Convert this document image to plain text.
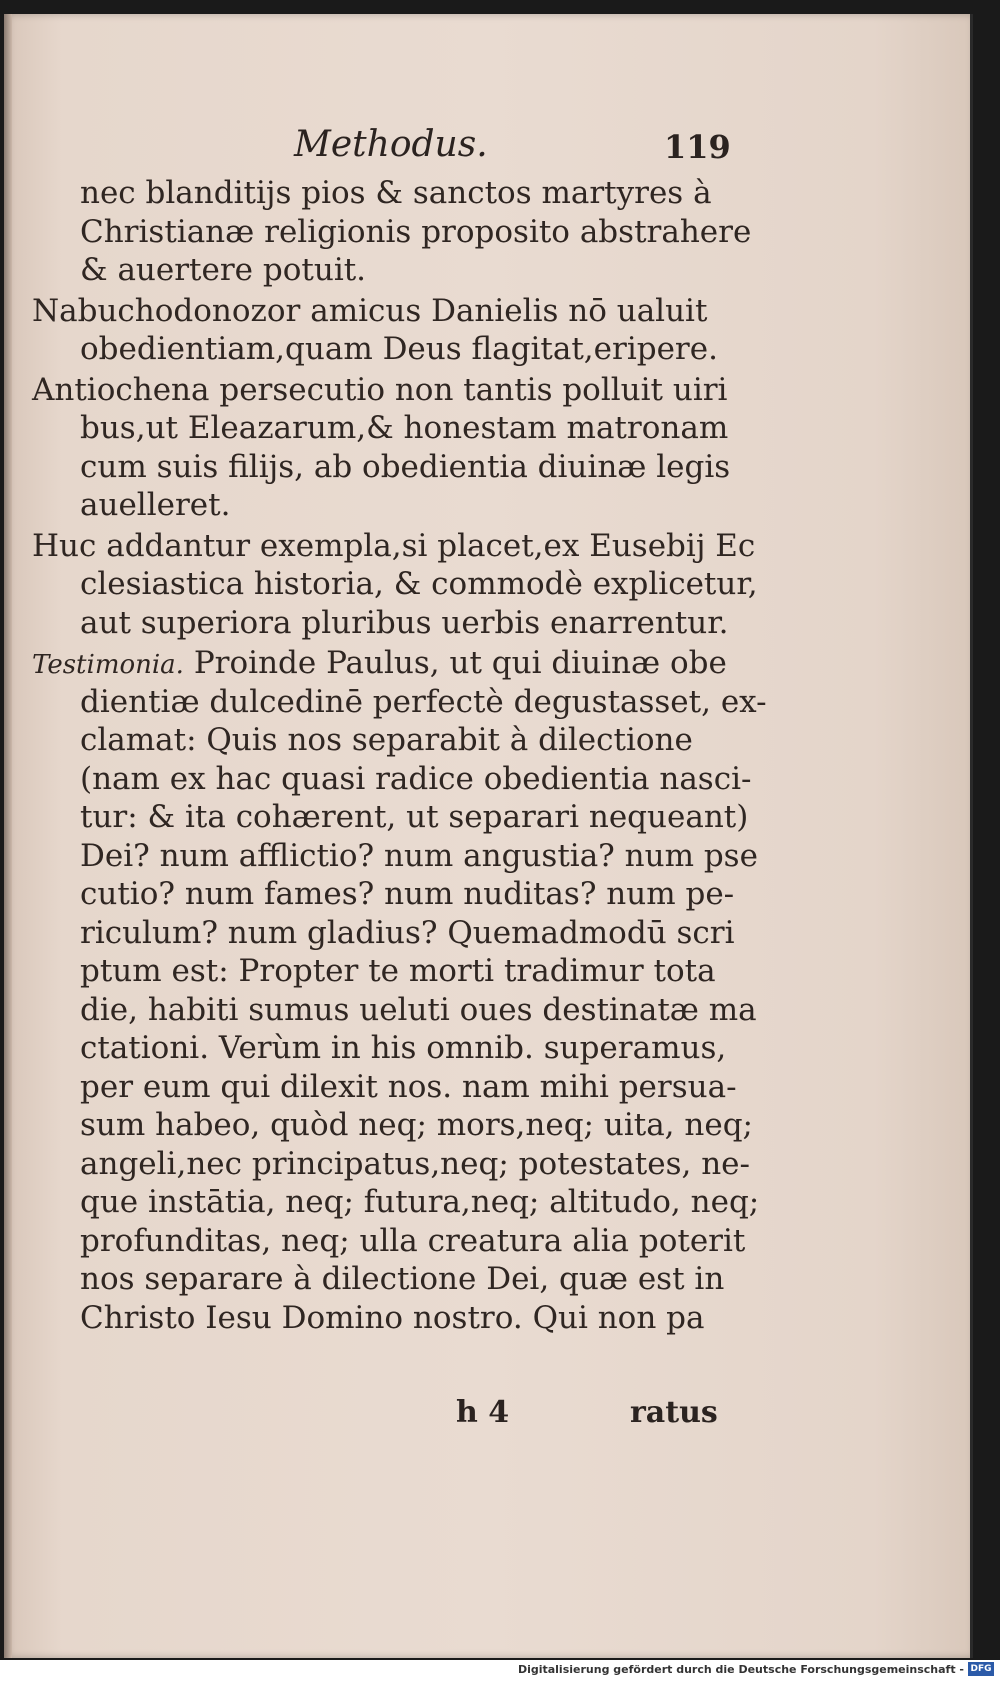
Methodus.	119
nec blanditijs pios & sanctos martyres à
Christianæ religionis proposito abstrahere
& auertere potuit.
Nabuchodonozor amicus Danielis nō ualuit
obedientiam,quam Deus flagitat,eripere.
Antiochena persecutio non tantis polluit uiri
bus,ut Eleazarum,& honestam matronam
cum suis filijs, ab obedientia diuinæ legis
auelleret.
Huc addantur exempla,si placet,ex Eusebij Ec
clesiastica historia, & commodè explicetur,
aut superiora pluribus uerbis enarrentur.
Testimonia. Proinde Paulus, ut qui diuinæ obe
dientiæ dulcedinē perfectè degustasset, ex-
clamat: Quis nos separabit à dilectione
(nam ex hac quasi radice obedientia nasci-
tur: & ita cohærent, ut separari nequeant)
Dei? num afflictio? num angustia? num pse
cutio? num fames? num nuditas? num pe-
riculum? num gladius? Quemadmodū scri
ptum est: Propter te morti tradimur tota
die, habiti sumus ueluti oues destinatæ ma
ctationi. Verùm in his omnib. superamus,
per eum qui dilexit nos. nam mihi persua-
sum habeo, quòd neq; mors,neq; uita, neq;
angeli,nec principatus,neq; potestates, ne-
que instātia, neq; futura,neq; altitudo, neq;
profunditas, neq; ulla creatura alia poterit
nos separare à dilectione Dei, quæ est in
Christo Iesu Domino nostro. Qui non pa
h 4	ratus
Digitalisierung gefördert durch die Deutsche Forschungsgemeinschaft - DFG
